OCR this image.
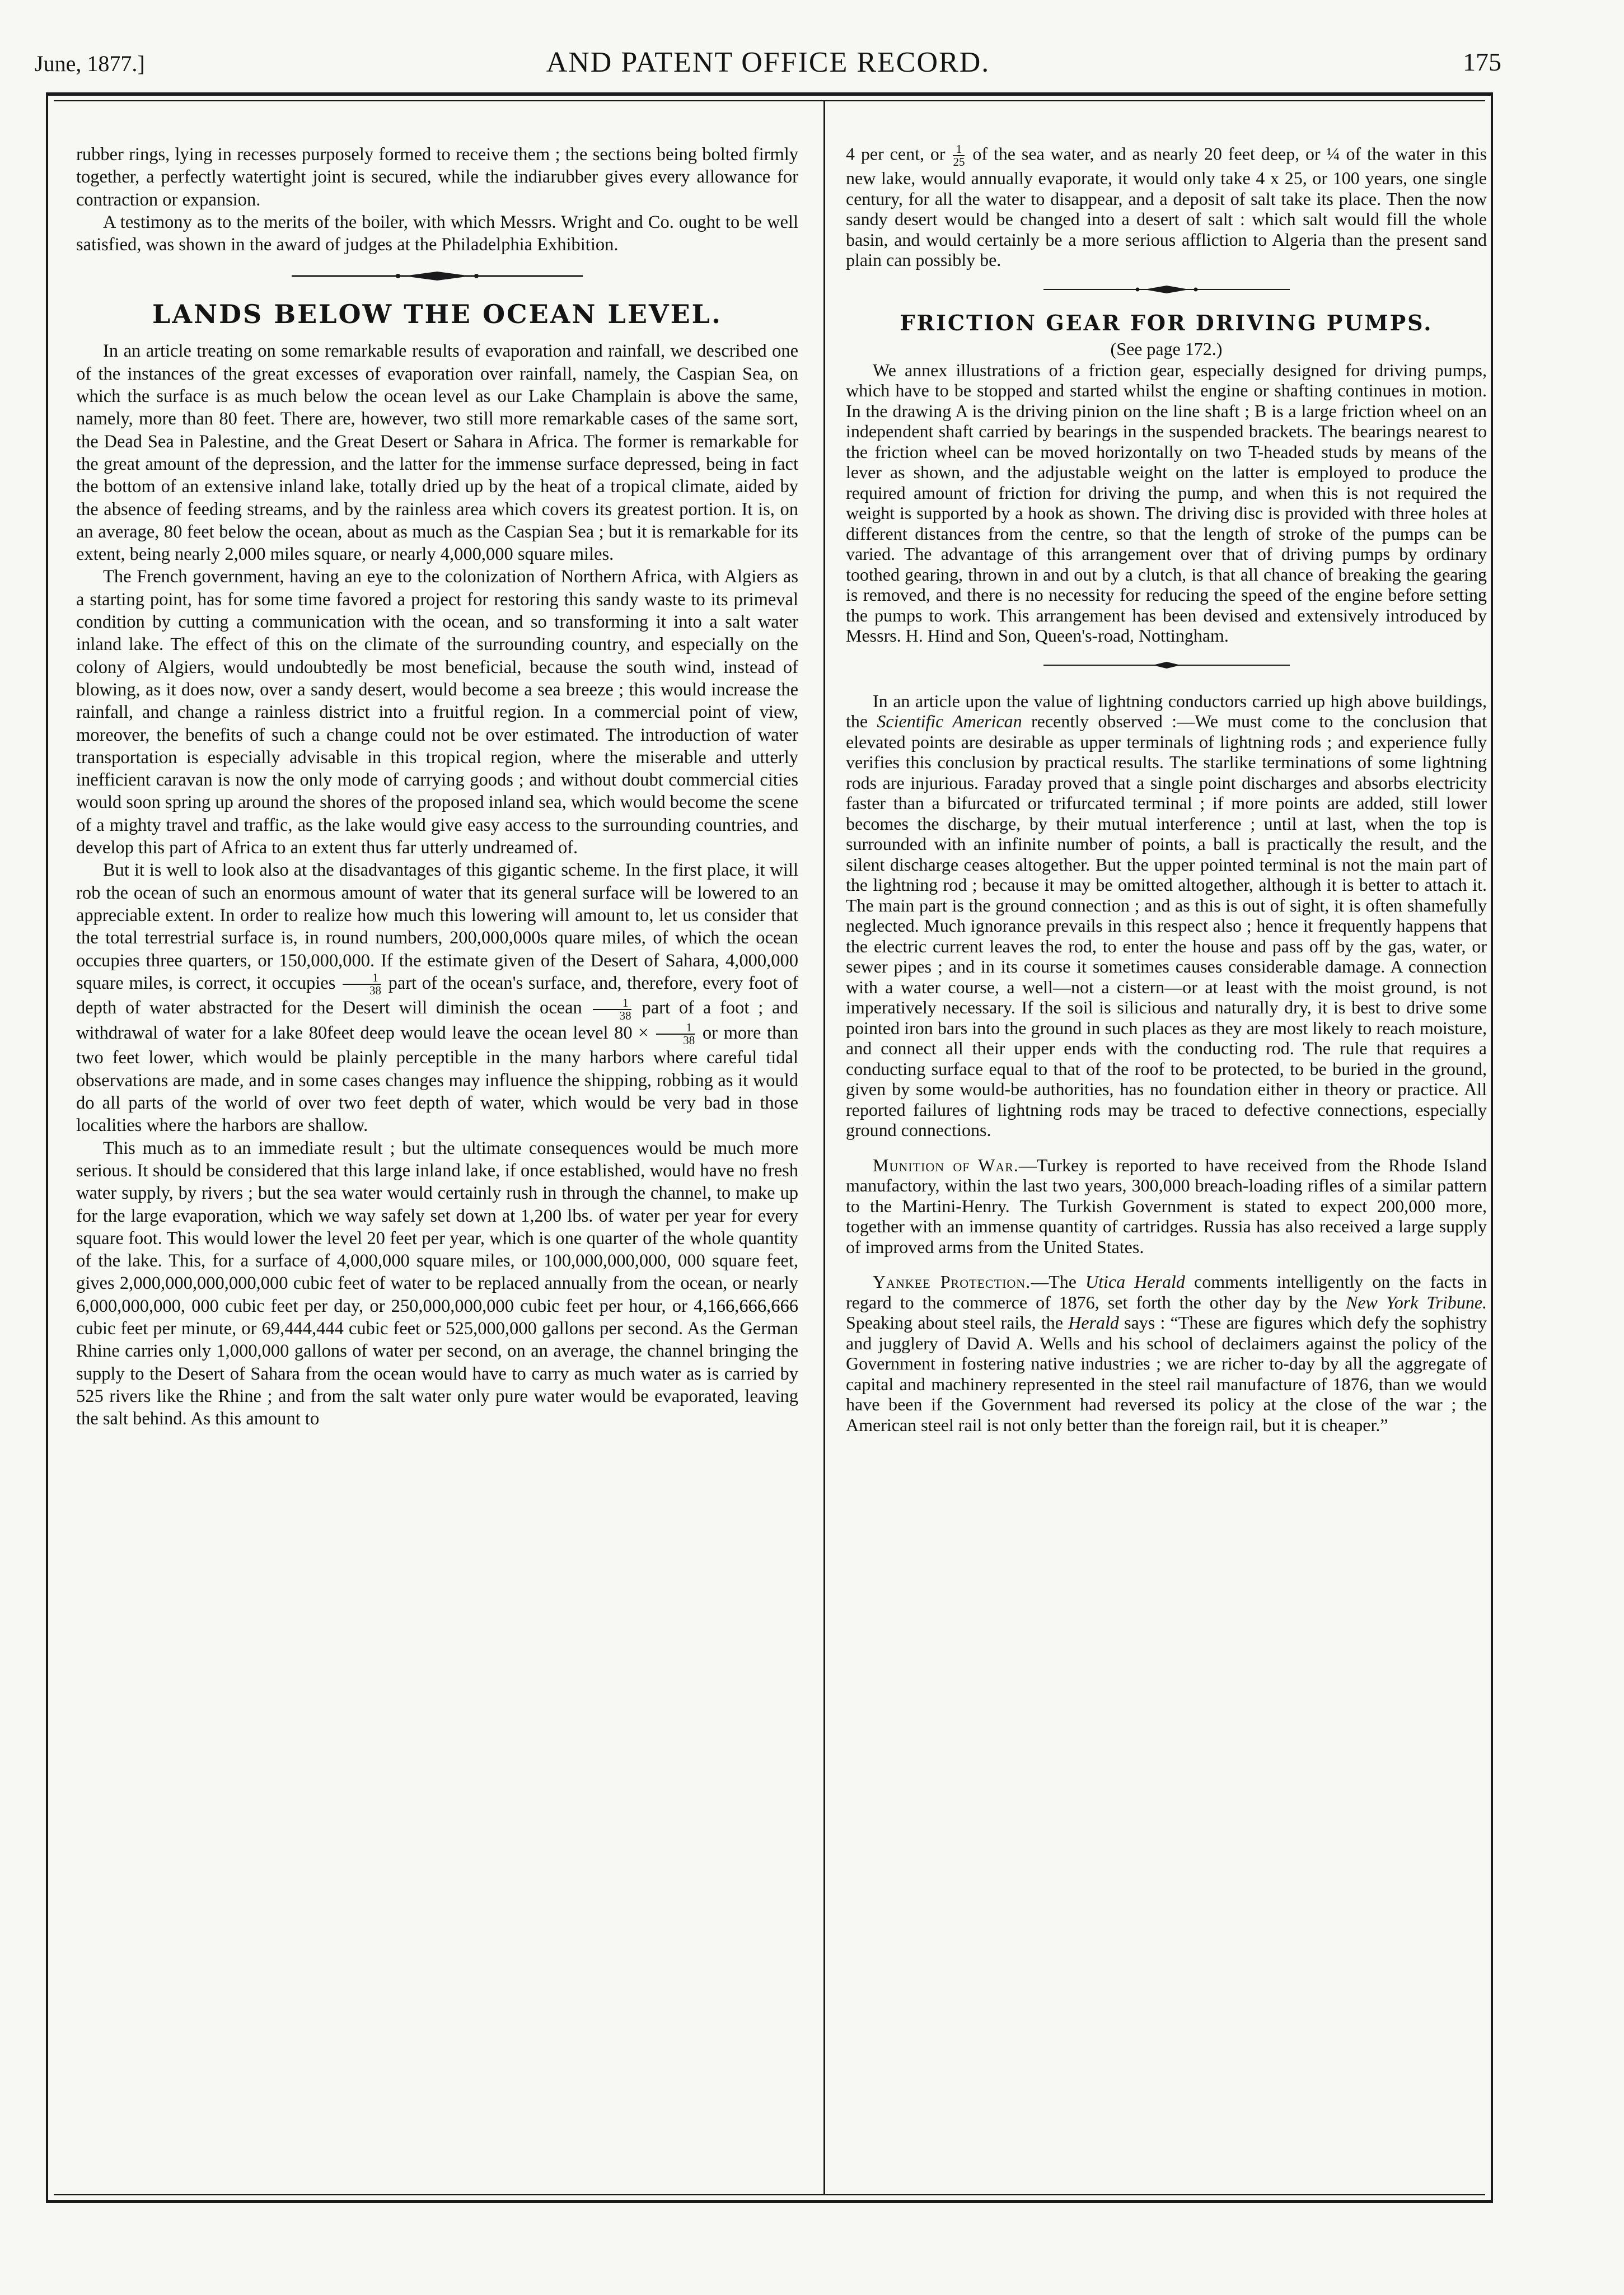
June, 1877.]	AND PATENT OFFICE RECORD.	175

rubber rings, lying in recesses purposely formed to receive them ; the sections being bolted firmly together, a perfectly watertight joint is secured, while the indiarubber gives every allowance for contraction or expansion.

A testimony as to the merits of the boiler, with which Messrs. Wright and Co. ought to be well satisfied, was shown in the award of judges at the Philadelphia Exhibition.

LANDS BELOW THE OCEAN LEVEL.

In an article treating on some remarkable results of evaporation and rainfall, we described one of the instances of the great excesses of evaporation over rainfall, namely, the Caspian Sea, on which the surface is as much below the ocean level as our Lake Champlain is above the same, namely, more than 80 feet. There are, however, two still more remarkable cases of the same sort, the Dead Sea in Palestine, and the Great Desert or Sahara in Africa. The former is remarkable for the great amount of the depression, and the latter for the immense surface depressed, being in fact the bottom of an extensive inland lake, totally dried up by the heat of a tropical climate, aided by the absence of feeding streams, and by the rainless area which covers its greatest portion. It is, on an average, 80 feet below the ocean, about as much as the Caspian Sea ; but it is remarkable for its extent, being nearly 2,000 miles square, or nearly 4,000,000 square miles.

The French government, having an eye to the colonization of Northern Africa, with Algiers as a starting point, has for some time favored a project for restoring this sandy waste to its primeval condition by cutting a communication with the ocean, and so transforming it into a salt water inland lake. The effect of this on the climate of the surrounding country, and especially on the colony of Algiers, would undoubtedly be most beneficial, because the south wind, instead of blowing, as it does now, over a sandy desert, would become a sea breeze ; this would increase the rainfall, and change a rainless district into a fruitful region. In a commercial point of view, moreover, the benefits of such a change could not be over estimated. The introduction of water transportation is especially advisable in this tropical region, where the miserable and utterly inefficient caravan is now the only mode of carrying goods ; and without doubt commercial cities would soon spring up around the shores of the proposed inland sea, which would become the scene of a mighty travel and traffic, as the lake would give easy access to the surrounding countries, and develop this part of Africa to an extent thus far utterly undreamed of.

But it is well to look also at the disadvantages of this gigantic scheme. In the first place, it will rob the ocean of such an enormous amount of water that its general surface will be lowered to an appreciable extent. In order to realize how much this lowering will amount to, let us consider that the total terrestrial surface is, in round numbers, 200,000,000s quare miles, of which the ocean occupies three quarters, or 150,000,000. If the estimate given of the Desert of Sahara, 4,000,000 square miles, is correct, it occupies $\frac{1}{38}$ part of the ocean's surface, and, therefore, every foot of depth of water abstracted for the Desert will diminish the ocean $\frac{1}{38}$ part of a foot ; and withdrawal of water for a lake 80feet deep would leave the ocean level $80 \times \frac{1}{38}$ or more than two feet lower, which would be plainly perceptible in the many harbors where careful tidal observations are made, and in some cases changes may influence the shipping, robbing as it would do all parts of the world of over two feet depth of water, which would be very bad in those localities where the harbors are shallow.

This much as to an immediate result ; but the ultimate consequences would be much more serious. It should be considered that this large inland lake, if once established, would have no fresh water supply, by rivers ; but the sea water would certainly rush in through the channel, to make up for the large evaporation, which we way safely set down at 1,200 lbs. of water per year for every square foot. This would lower the level 20 feet per year, which is one quarter of the whole quantity of the lake. This, for a surface of 4,000,000 square miles, or 100,000,000,000, 000 square feet, gives 2,000,000,000,000,000 cubic feet of water to be replaced annually from the ocean, or nearly 6,000,000,000, 000 cubic feet per day, or 250,000,000,000 cubic feet per hour, or 4,166,666,666 cubic feet per minute, or 69,444,444 cubic feet or 525,000,000 gallons per second. As the German Rhine carries only 1,000,000 gallons of water per second, on an average, the channel bringing the supply to the Desert of Sahara from the ocean would have to carry as much water as is carried by 525 rivers like the Rhine ; and from the salt water only pure water would be evaporated, leaving the salt behind. As this amount to

4 per cent, or $\frac{1}{25}$ of the sea water, and as nearly 20 feet deep, or ¼ of the water in this new lake, would annually evaporate, it would only take 4 x 25, or 100 years, one single century, for all the water to disappear, and a deposit of salt take its place. Then the now sandy desert would be changed into a desert of salt : which salt would fill the whole basin, and would certainly be a more serious affliction to Algeria than the present sand plain can possibly be.

FRICTION GEAR FOR DRIVING PUMPS.
(See page 172.)

We annex illustrations of a friction gear, especially designed for driving pumps, which have to be stopped and started whilst the engine or shafting continues in motion. In the drawing A is the driving pinion on the line shaft ; B is a large friction wheel on an independent shaft carried by bearings in the suspended brackets. The bearings nearest to the friction wheel can be moved horizontally on two T-headed studs by means of the lever as shown, and the adjustable weight on the latter is employed to produce the required amount of friction for driving the pump, and when this is not required the weight is supported by a hook as shown. The driving disc is provided with three holes at different distances from the centre, so that the length of stroke of the pumps can be varied. The advantage of this arrangement over that of driving pumps by ordinary toothed gearing, thrown in and out by a clutch, is that all chance of breaking the gearing is removed, and there is no necessity for reducing the speed of the engine before setting the pumps to work. This arrangement has been devised and extensively introduced by Messrs. H. Hind and Son, Queen's-road, Nottingham.

In an article upon the value of lightning conductors carried up high above buildings, the Scientific American recently observed :—We must come to the conclusion that elevated points are desirable as upper terminals of lightning rods ; and experience fully verifies this conclusion by practical results. The starlike terminations of some lightning rods are injurious. Faraday proved that a single point discharges and absorbs electricity faster than a bifurcated or trifurcated terminal ; if more points are added, still lower becomes the discharge, by their mutual interference ; until at last, when the top is surrounded with an infinite number of points, a ball is practically the result, and the silent discharge ceases altogether. But the upper pointed terminal is not the main part of the lightning rod ; because it may be omitted altogether, although it is better to attach it. The main part is the ground connection ; and as this is out of sight, it is often shamefully neglected. Much ignorance prevails in this respect also ; hence it frequently happens that the electric current leaves the rod, to enter the house and pass off by the gas, water, or sewer pipes ; and in its course it sometimes causes considerable damage. A connection with a water course, a well—not a cistern—or at least with the moist ground, is not imperatively necessary. If the soil is silicious and naturally dry, it is best to drive some pointed iron bars into the ground in such places as they are most likely to reach moisture, and connect all their upper ends with the conducting rod. The rule that requires a conducting surface equal to that of the roof to be protected, to be buried in the ground, given by some would-be authorities, has no foundation either in theory or practice. All reported failures of lightning rods may be traced to defective connections, especially ground connections.

Munition of War.—Turkey is reported to have received from the Rhode Island manufactory, within the last two years, 300,000 breach-loading rifles of a similar pattern to the Martini-Henry. The Turkish Government is stated to expect 200,000 more, together with an immense quantity of cartridges. Russia has also received a large supply of improved arms from the United States.

Yankee Protection.—The Utica Herald comments intelligently on the facts in regard to the commerce of 1876, set forth the other day by the New York Tribune. Speaking about steel rails, the Herald says : “These are figures which defy the sophistry and jugglery of David A. Wells and his school of declaimers against the policy of the Government in fostering native industries ; we are richer to-day by all the aggregate of capital and machinery represented in the steel rail manufacture of 1876, than we would have been if the Government had reversed its policy at the close of the war ; the American steel rail is not only better than the foreign rail, but it is cheaper.”
